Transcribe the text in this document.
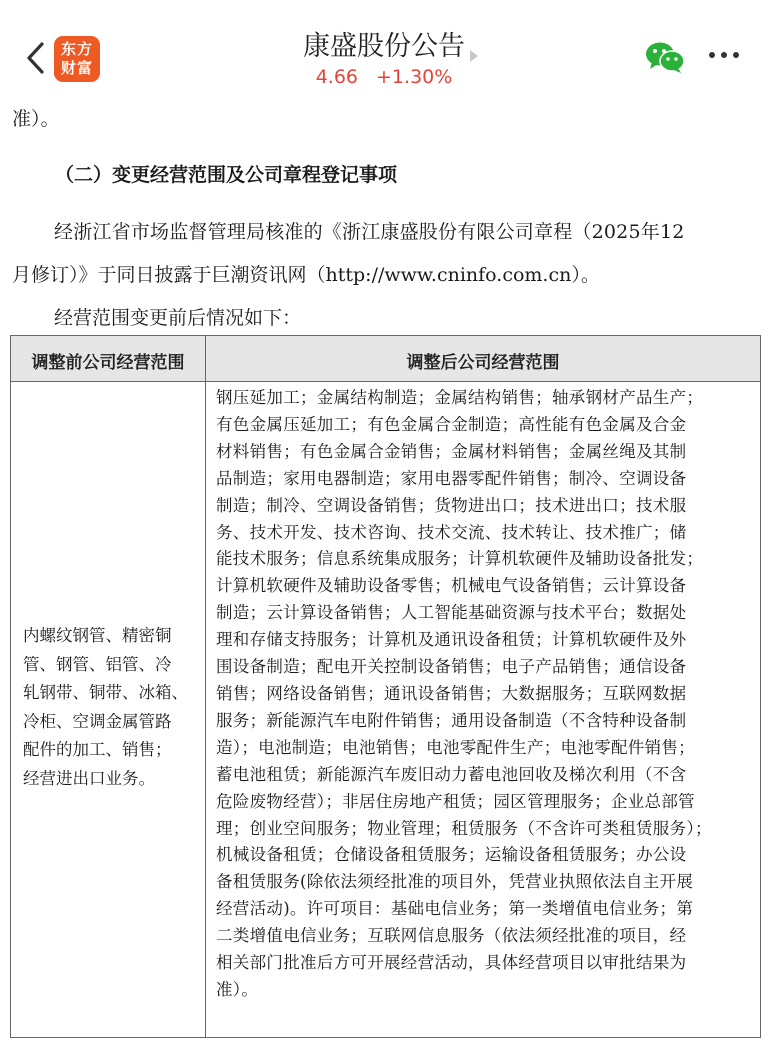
东方
财富
康盛股份公告
4.66 +1.30%
准）。
（二）变更经营范围及公司章程登记事项
经浙江省市场监督管理局核准的《浙江康盛股份有限公司章程（2025年12
月修订）》于同日披露于巨潮资讯网（http://www.cninfo.com.cn）。
经营范围变更前后情况如下：
调整前公司经营范围	调整后公司经营范围
内螺纹钢管、精密铜
管、钢管、铝管、冷
轧钢带、铜带、冰箱、
冷柜、空调金属管路
配件的加工、销售；
经营进出口业务。
钢压延加工；金属结构制造；金属结构销售；轴承钢材产品生产；
有色金属压延加工；有色金属合金制造；高性能有色金属及合金
材料销售；有色金属合金销售；金属材料销售；金属丝绳及其制
品制造；家用电器制造；家用电器零配件销售；制冷、空调设备
制造；制冷、空调设备销售；货物进出口；技术进出口；技术服
务、技术开发、技术咨询、技术交流、技术转让、技术推广；储
能技术服务；信息系统集成服务；计算机软硬件及辅助设备批发；
计算机软硬件及辅助设备零售；机械电气设备销售；云计算设备
制造；云计算设备销售；人工智能基础资源与技术平台；数据处
理和存储支持服务；计算机及通讯设备租赁；计算机软硬件及外
围设备制造；配电开关控制设备销售；电子产品销售；通信设备
销售；网络设备销售；通讯设备销售；大数据服务；互联网数据
服务；新能源汽车电附件销售；通用设备制造（不含特种设备制
造）；电池制造；电池销售；电池零配件生产；电池零配件销售；
蓄电池租赁；新能源汽车废旧动力蓄电池回收及梯次利用（不含
危险废物经营）；非居住房地产租赁；园区管理服务；企业总部管
理；创业空间服务；物业管理；租赁服务（不含许可类租赁服务）；
机械设备租赁；仓储设备租赁服务；运输设备租赁服务；办公设
备租赁服务(除依法须经批准的项目外，凭营业执照依法自主开展
经营活动)。许可项目：基础电信业务；第一类增值电信业务；第
二类增值电信业务；互联网信息服务（依法须经批准的项目，经
相关部门批准后方可开展经营活动，具体经营项目以审批结果为
准）。
